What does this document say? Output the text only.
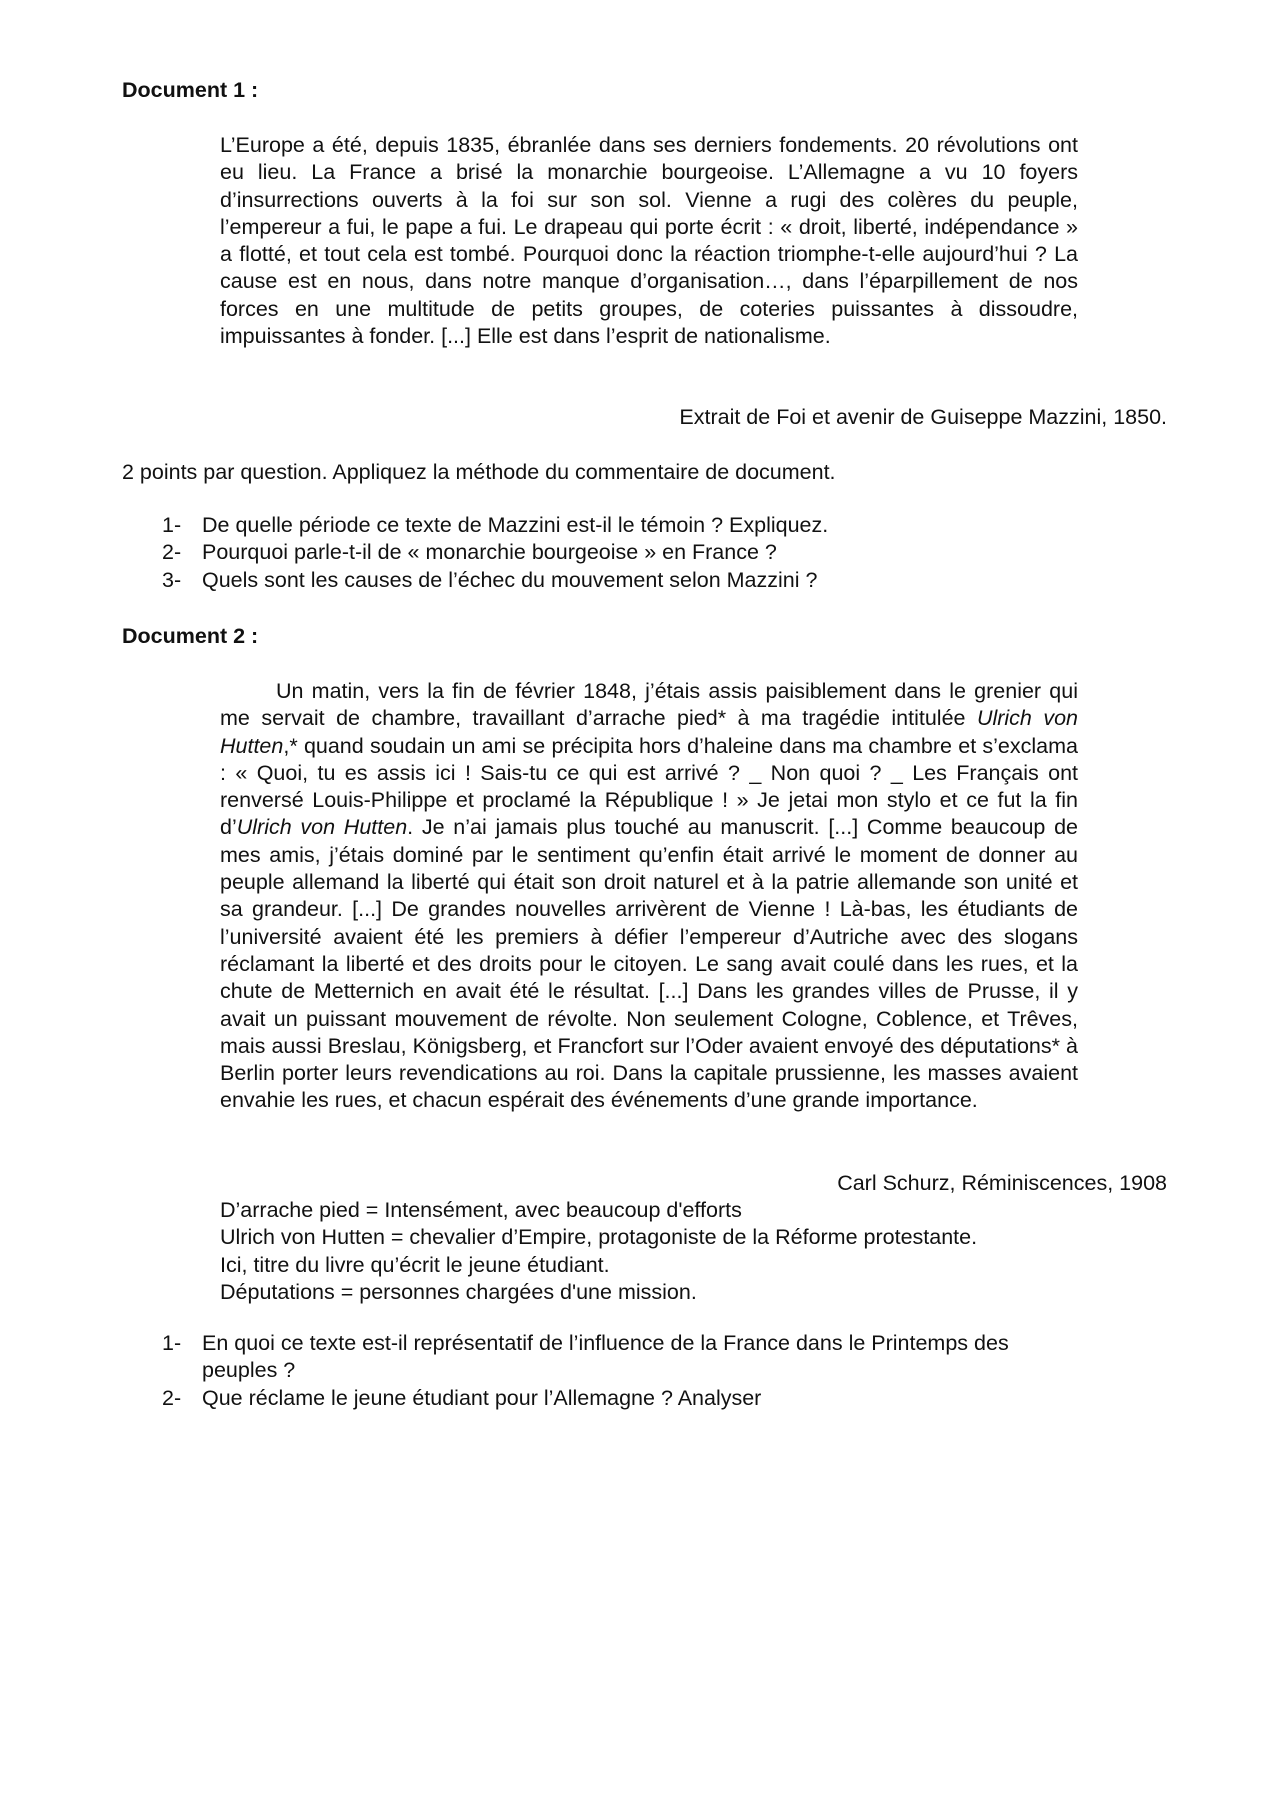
Document 1 :

L’Europe a été, depuis 1835, ébranlée dans ses derniers fondements. 20 révolutions ont eu lieu. La France a brisé la monarchie bourgeoise. L’Allemagne a vu 10 foyers d’insurrections ouverts à la foi sur son sol. Vienne a rugi des colères du peuple, l’empereur a fui, le pape a fui. Le drapeau qui porte écrit : « droit, liberté, indépendance » a flotté, et tout cela est tombé. Pourquoi donc la réaction triomphe-t-elle aujourd’hui ? La cause est en nous, dans notre manque d’organisation…, dans l’éparpillement de nos forces en une multitude de petits groupes, de coteries puissantes à dissoudre, impuissantes à fonder. [...] Elle est dans l’esprit de nationalisme.

Extrait de Foi et avenir de Guiseppe Mazzini, 1850.

2 points par question. Appliquez la méthode du commentaire de document.

1- De quelle période ce texte de Mazzini est-il le témoin ? Expliquez.
2- Pourquoi parle-t-il de « monarchie bourgeoise » en France ?
3- Quels sont les causes de l’échec du mouvement selon Mazzini ?
Document 2 :

Un matin, vers la fin de février 1848, j’étais assis paisiblement dans le grenier qui me servait de chambre, travaillant d’arrache pied* à ma tragédie intitulée Ulrich von Hutten,* quand soudain un ami se précipita hors d’haleine dans ma chambre et s’exclama : « Quoi, tu es assis ici ! Sais-tu ce qui est arrivé ? _ Non quoi ? _ Les Français ont renversé Louis-Philippe et proclamé la République ! » Je jetai mon stylo et ce fut la fin d’Ulrich von Hutten. Je n’ai jamais plus touché au manuscrit. [...] Comme beaucoup de mes amis, j’étais dominé par le sentiment qu’enfin était arrivé le moment de donner au peuple allemand la liberté qui était son droit naturel et à la patrie allemande son unité et sa grandeur. [...] De grandes nouvelles arrivèrent de Vienne ! Là-bas, les étudiants de l’université avaient été les premiers à défier l’empereur d’Autriche avec des slogans réclamant la liberté et des droits pour le citoyen. Le sang avait coulé dans les rues, et la chute de Metternich en avait été le résultat. [...] Dans les grandes villes de Prusse, il y avait un puissant mouvement de révolte. Non seulement Cologne, Coblence, et Trêves, mais aussi Breslau, Königsberg, et Francfort sur l’Oder avaient envoyé des députations* à Berlin porter leurs revendications au roi. Dans la capitale prussienne, les masses avaient envahie les rues, et chacun espérait des événements d’une grande importance.

Carl Schurz, Réminiscences, 1908

D’arrache pied = Intensément, avec beaucoup d'efforts
Ulrich von Hutten = chevalier d’Empire, protagoniste de la Réforme protestante.
Ici, titre du livre qu’écrit le jeune étudiant.
Députations = personnes chargées d'une mission.
1- En quoi ce texte est-il représentatif de l’influence de la France dans le Printemps des peuples ?
2- Que réclame le jeune étudiant pour l’Allemagne ? Analyser
